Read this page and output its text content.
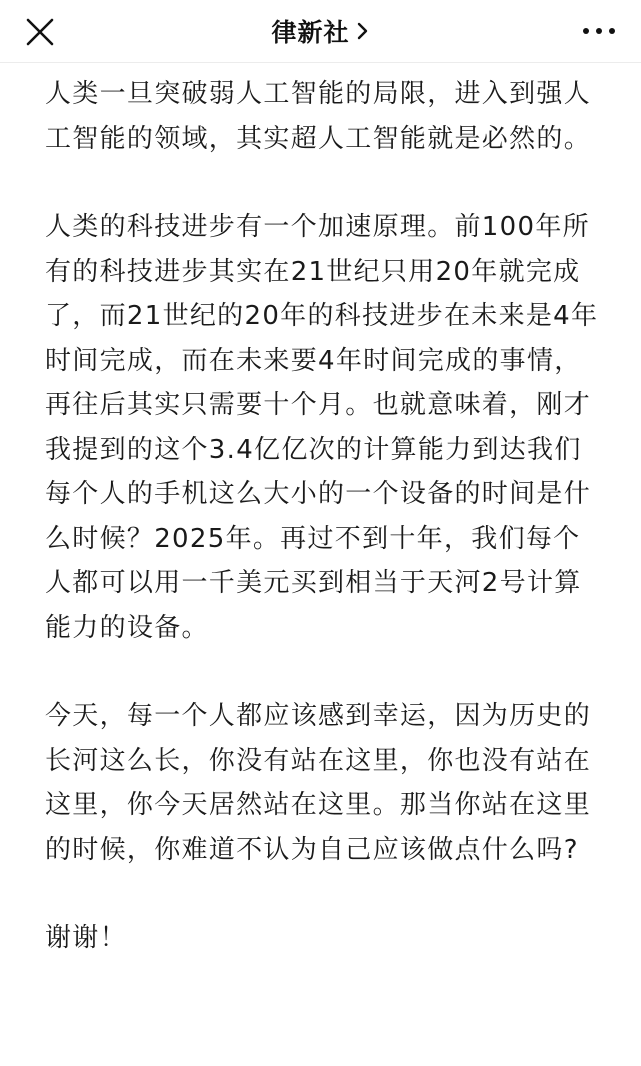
律新社

人类一旦突破弱人工智能的局限，进入到强人工智能的领域，其实超人工智能就是必然的。

人类的科技进步有一个加速原理。前100年所有的科技进步其实在21世纪只用20年就完成了，而21世纪的20年的科技进步在未来是4年时间完成，而在未来要4年时间完成的事情，再往后其实只需要十个月。也就意味着，刚才我提到的这个3.4亿亿次的计算能力到达我们每个人的手机这么大小的一个设备的时间是什么时候？2025年。再过不到十年，我们每个人都可以用一千美元买到相当于天河2号计算能力的设备。

今天，每一个人都应该感到幸运，因为历史的长河这么长，你没有站在这里，你也没有站在这里，你今天居然站在这里。那当你站在这里的时候，你难道不认为自己应该做点什么吗?

谢谢！
